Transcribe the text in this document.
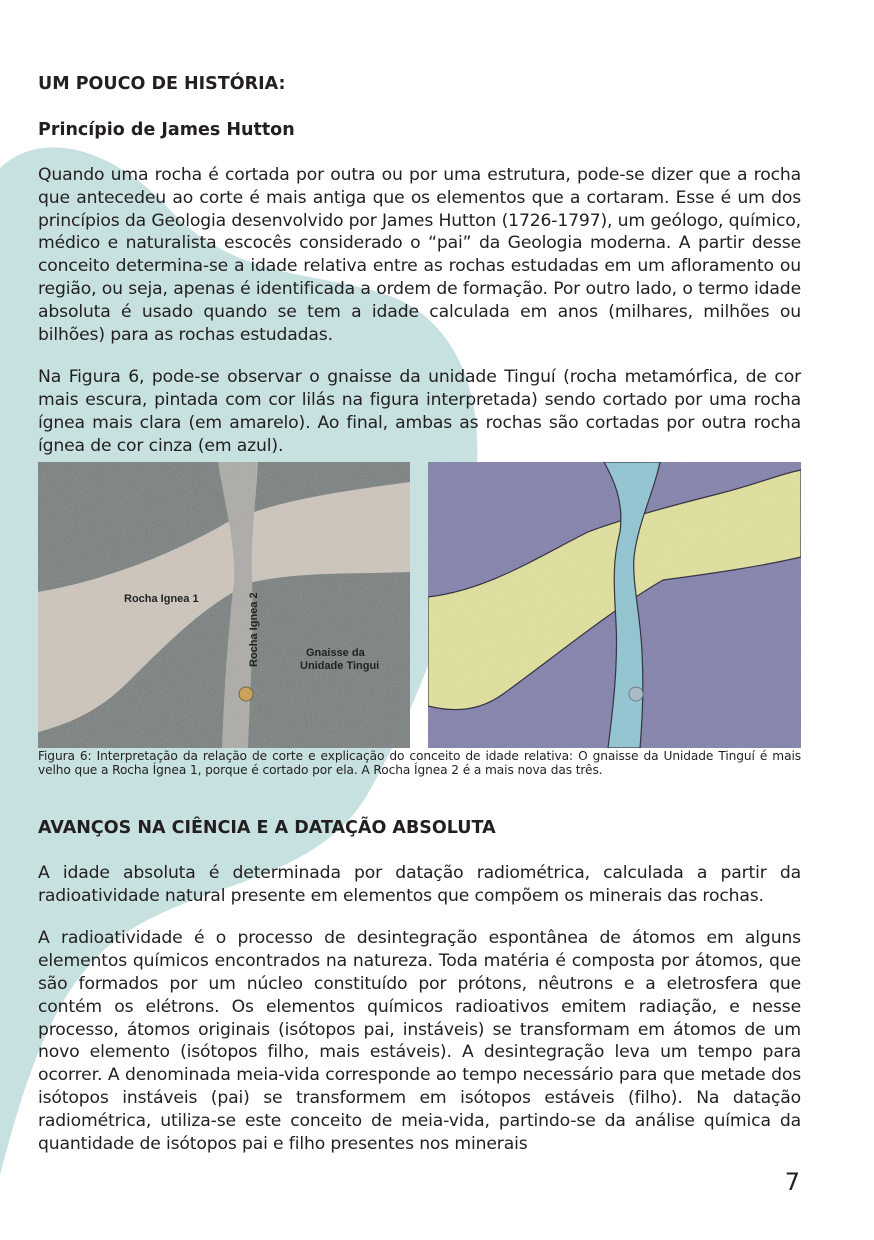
UM POUCO DE HISTÓRIA:
Princípio de James Hutton

Quando uma rocha é cortada por outra ou por uma estrutura, pode-se dizer que a rocha que antecedeu ao corte é mais antiga que os elementos que a cortaram. Esse é um dos princípios da Geologia desenvolvido por James Hutton (1726-1797), um geólogo, químico, médico e naturalista escocês considerado o “pai” da Geologia moderna. A partir desse conceito determina-se a idade relativa entre as rochas estudadas em um afloramento ou região, ou seja, apenas é identificada a ordem de formação. Por outro lado, o termo idade absoluta é usado quando se tem a idade calculada em anos (milhares, milhões ou bilhões) para as rochas estudadas.

Na Figura 6, pode-se observar o gnaisse da unidade Tinguí (rocha metamórfica, de cor mais escura, pintada com cor lilás na figura interpretada) sendo cortado por uma rocha ígnea mais clara (em amarelo). Ao final, ambas as rochas são cortadas por outra rocha ígnea de cor cinza (em azul).

Rocha Ignea 1	Rocha Ignea 2	Gnaisse da
Unidade Tingui

Figura 6: Interpretação da relação de corte e explicação do conceito de idade relativa: O gnaisse da Unidade Tinguí é mais velho que a Rocha Ígnea 1, porque é cortado por ela. A Rocha Ígnea 2 é a mais nova das três.

AVANÇOS NA CIÊNCIA E A DATAÇÃO ABSOLUTA

A idade absoluta é determinada por datação radiométrica, calculada a partir da radioatividade natural presente em elementos que compõem os minerais das rochas.

A radioatividade é o processo de desintegração espontânea de átomos em alguns elementos químicos encontrados na natureza. Toda matéria é composta por átomos, que são formados por um núcleo constituído por prótons, nêutrons e a eletrosfera que contém os elétrons. Os elementos químicos radioativos emitem radiação, e nesse processo, átomos originais (isótopos pai, instáveis) se transformam em átomos de um novo elemento (isótopos filho, mais estáveis). A desintegração leva um tempo para ocorrer. A denominada meia-vida corresponde ao tempo necessário para que metade dos isótopos instáveis (pai) se transformem em isótopos estáveis (filho). Na datação radiométrica, utiliza-se este conceito de meia-vida, partindo-se da análise química da quantidade de isótopos pai e filho presentes nos minerais

7
